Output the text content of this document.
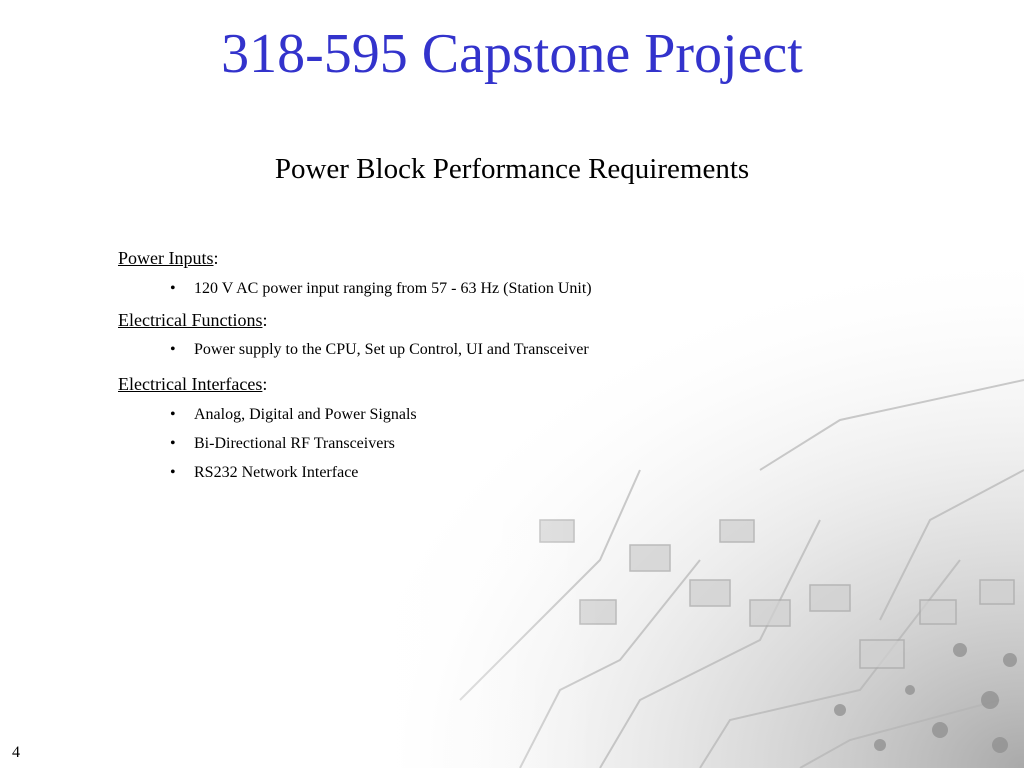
318-595 Capstone Project
Power Block Performance Requirements
Power Inputs:
• 120 V AC power input ranging from 57 - 63 Hz (Station Unit)
Electrical Functions:
• Power supply to the CPU, Set up Control, UI and Transceiver
Electrical Interfaces:
• Analog, Digital and Power Signals
• Bi-Directional RF Transceivers
• RS232 Network Interface
4
